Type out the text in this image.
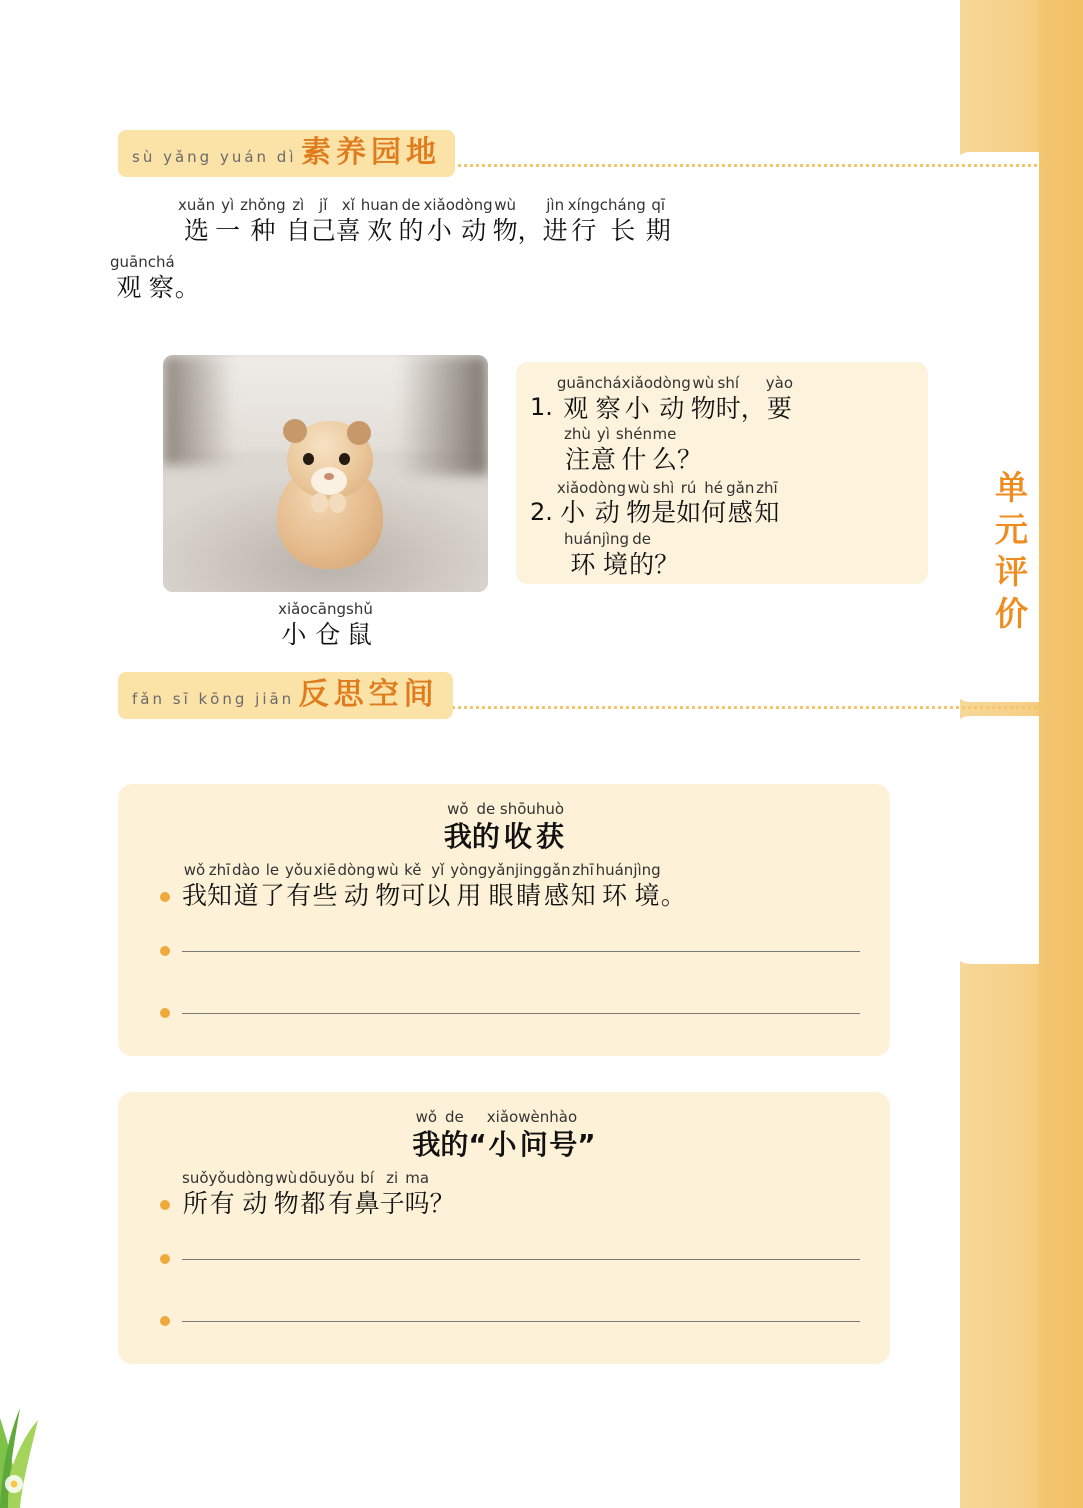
单元评价
sù yǎng yuán dì 素养园地
xuǎn
选
yì
一
zhǒng
种
zì
自
jǐ
己
xǐ
喜
huan
欢
de
的
xiǎo
小
dòng
动
wù
物
，
jìn
进
xíng
行
cháng
长
qī
期
guān
观
chá
察
。
xiǎo
小
cāng
仓
shǔ
鼠
1.
guān
观
chá
察
xiǎo
小
dòng
动
wù
物
shí
时
，
yào
要
zhù
注
yì
意
shén
什
me
么
？
2.
xiǎo
小
dòng
动
wù
物
shì
是
rú
如
hé
何
gǎn
感
zhī
知
huán
环
jìng
境
de
的
？
fǎn sī kōng jiān 反思空间
wǒ
我
de
的
shōu
收
huò
获
wǒ
我
zhī
知
dào
道
le
了
yǒu
有
xiē
些
dòng
动
wù
物
kě
可
yǐ
以
yòng
用
yǎn
眼
jing
睛
gǎn
感
zhī
知
huán
环
jìng
境
。
wǒ
我
de
的
“
xiǎo
小
wèn
问
hào
号
”
suǒ
所
yǒu
有
dòng
动
wù
物
dōu
都
yǒu
有
bí
鼻
zi
子
ma
吗
？
